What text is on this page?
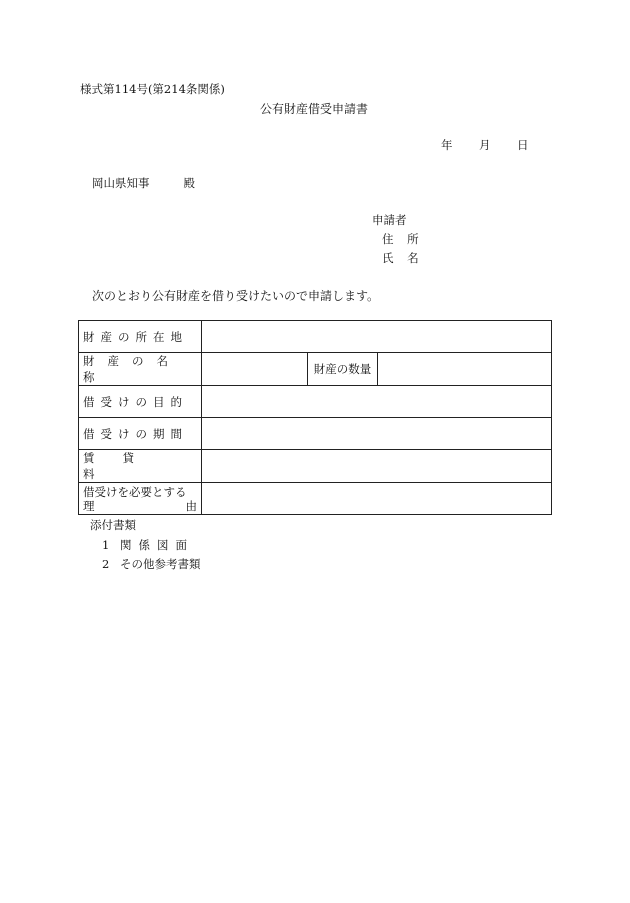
様式第114号(第214条関係)
公有財産借受申請書
年 月 日
岡山県知事	殿
申請者
住 所
氏 名
次のとおり公有財産を借り受けたいので申請します。
財産の所在地			
財産の名称		財産の数量	
借受けの目的			
借受けの期間			
賃貸料			

借受けを必要とする
理 由			

添付書類
1 関係図面
2 その他参考書類
